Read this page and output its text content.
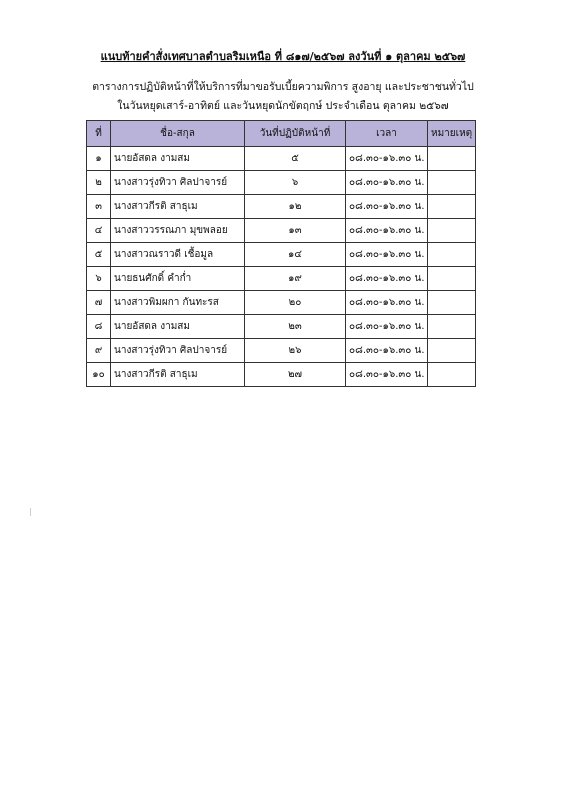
แนบท้ายคำสั่งเทศบาลตำบลริมเหนือ ที่ ๘๑๗/๒๕๖๗ ลงวันที่ ๑ ตุลาคม ๒๕๖๗
ตารางการปฏิบัติหน้าที่ให้บริการที่มาขอรับเบี้ยความพิการ สูงอายุ และประชาชนทั่วไป
ในวันหยุดเสาร์-อาทิตย์ และวันหยุดนักขัตฤกษ์ ประจำเดือน ตุลาคม ๒๕๖๗
ที่	ชื่อ-สกุล	วันที่ปฏิบัติหน้าที่	เวลา	หมายเหตุ
๑	นายอัสดล งามสม	๕	๐๘.๓๐-๑๖.๓๐ น.	
๒	นางสาวรุ่งทิวา ศิลปาจารย์	๖	๐๘.๓๐-๑๖.๓๐ น.	
๓	นางสาวกีรติ สาธุเม	๑๒	๐๘.๓๐-๑๖.๓๐ น.	
๔	นางสาววรรณภา มุขพลอย	๑๓	๐๘.๓๐-๑๖.๓๐ น.	
๕	นางสาวณราวดี เชื้อมูล	๑๔	๐๘.๓๐-๑๖.๓๐ น.	
๖	นายธนศักดิ์ คำก่ำ	๑๙	๐๘.๓๐-๑๖.๓๐ น.	
๗	นางสาวพิมผกา กันทะรส	๒๐	๐๘.๓๐-๑๖.๓๐ น.	
๘	นายอัสดล งามสม	๒๓	๐๘.๓๐-๑๖.๓๐ น.	
๙	นางสาวรุ่งทิวา ศิลปาจารย์	๒๖	๐๘.๓๐-๑๖.๓๐ น.	
๑๐	นางสาวกีรติ สาธุเม	๒๗	๐๘.๓๐-๑๖.๓๐ น.	
